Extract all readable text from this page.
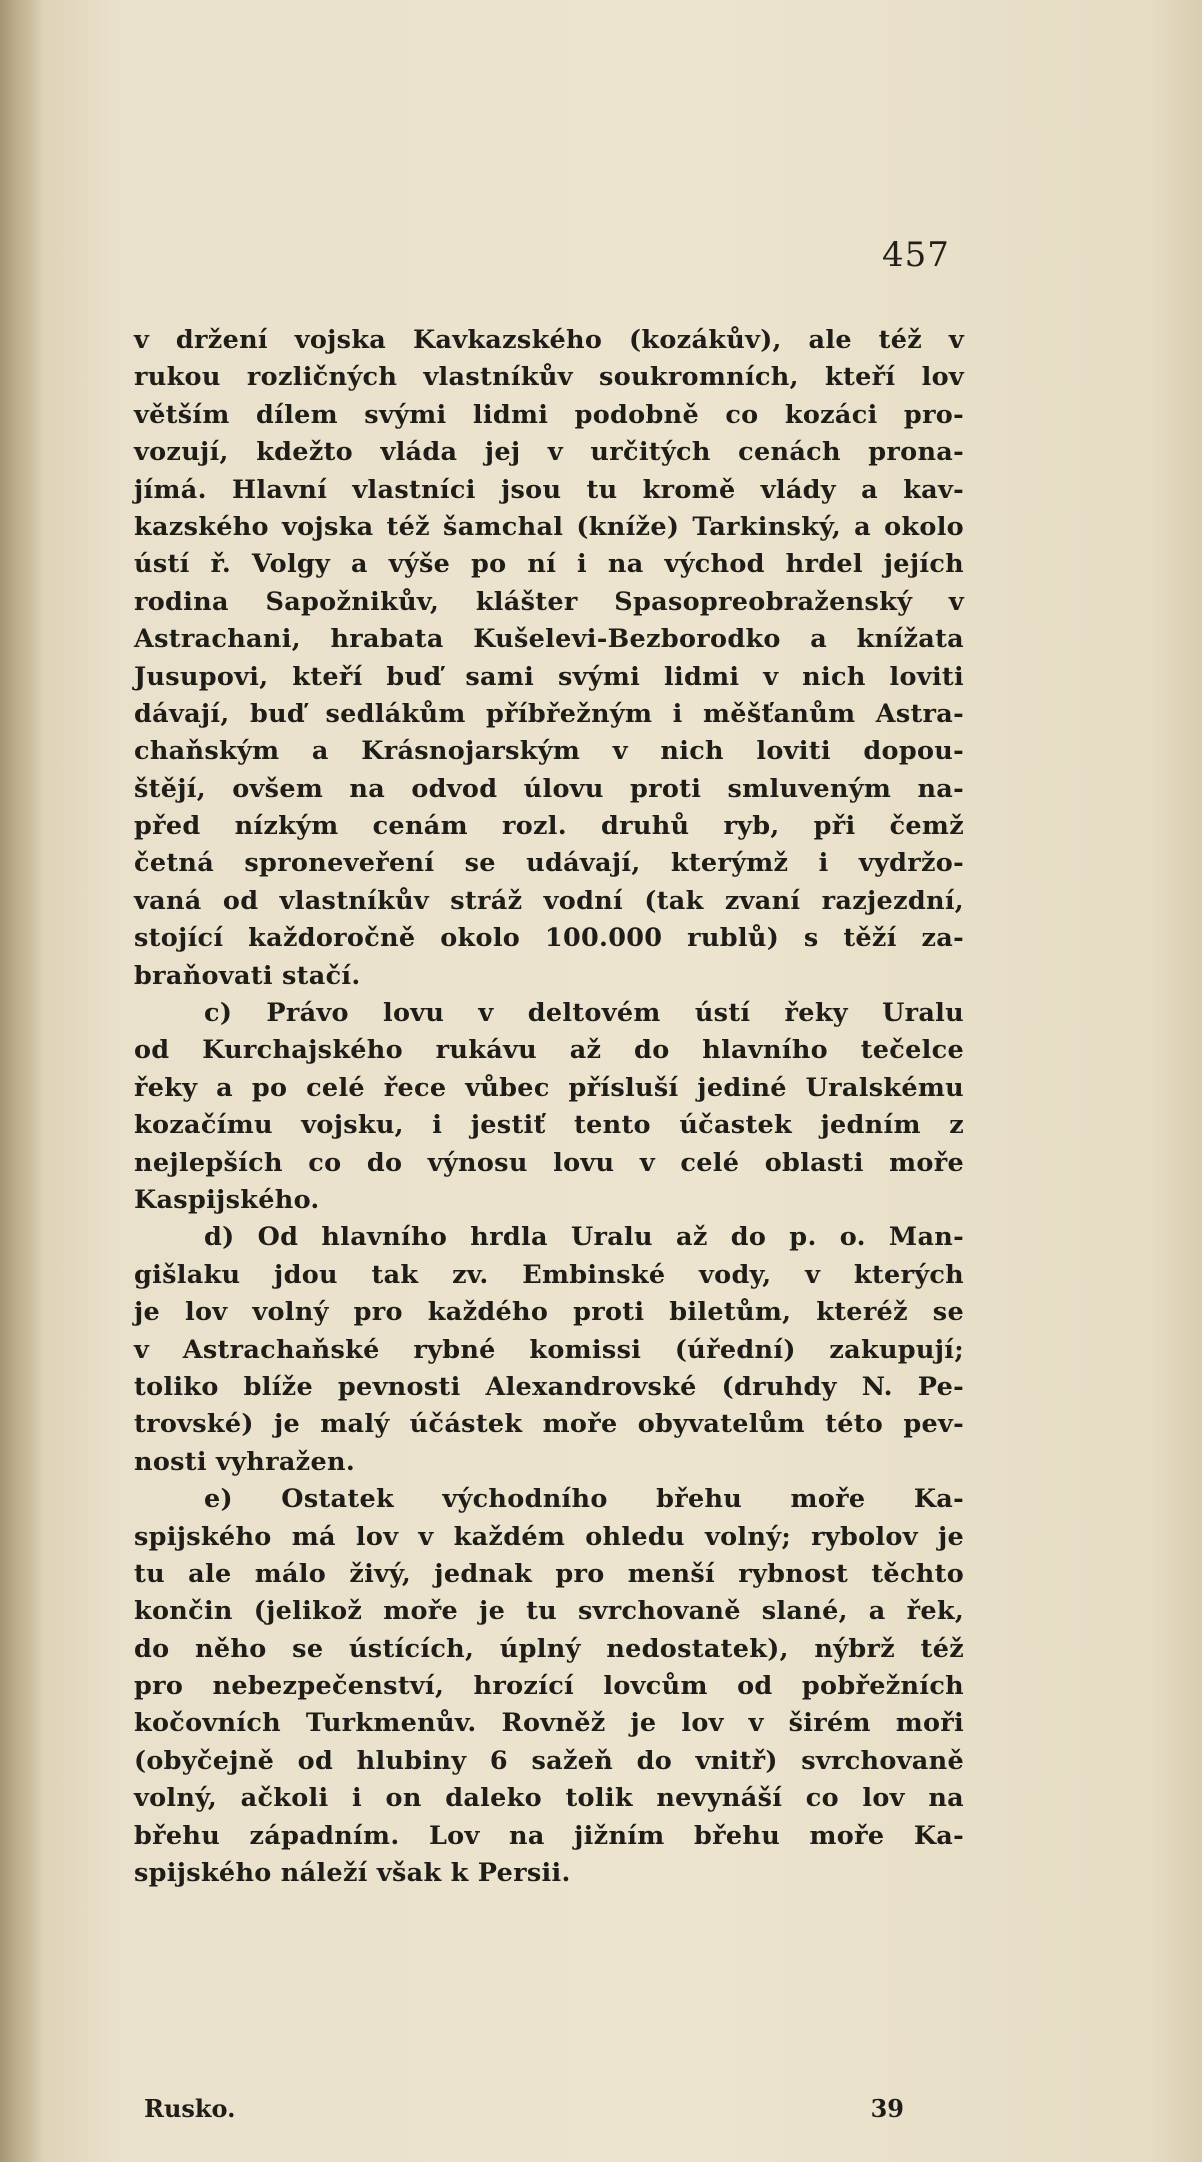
457
v držení vojska Kavkazského (kozákův), ale též v
rukou rozličných vlastníkův soukromních, kteří lov
větším dílem svými lidmi podobně co kozáci pro-
vozují, kdežto vláda jej v určitých cenách prona-
jímá. Hlavní vlastníci jsou tu kromě vlády a kav-
kazského vojska též šamchal (kníže) Tarkinský, a okolo
ústí ř. Volgy a výše po ní i na východ hrdel jejích
rodina Sapožnikův, klášter Spasopreobraženský v
Astrachani, hrabata Kušelevi-Bezborodko a knížata
Jusupovi, kteří buď sami svými lidmi v nich loviti
dávají, buď sedlákům příbřežným i měšťanům Astra-
chaňským a Krásnojarským v nich loviti dopou-
štějí, ovšem na odvod úlovu proti smluveným na-
před nízkým cenám rozl. druhů ryb, při čemž
četná sproneveření se udávají, kterýmž i vydržo-
vaná od vlastníkův stráž vodní (tak zvaní razjezdní,
stojící každoročně okolo 100.000 rublů) s těží za-
braňovati stačí.
c) Právo lovu v deltovém ústí řeky Uralu
od Kurchajského rukávu až do hlavního tečelce
řeky a po celé řece vůbec přísluší jediné Uralskému
kozačímu vojsku, i jestiť tento účastek jedním z
nejlepších co do výnosu lovu v celé oblasti moře
Kaspijského.
d) Od hlavního hrdla Uralu až do p. o. Man-
gišlaku jdou tak zv. Embinské vody, v kterých
je lov volný pro každého proti biletům, kteréž se
v Astrachaňské rybné komissi (úřední) zakupují;
toliko blíže pevnosti Alexandrovské (druhdy N. Pe-
trovské) je malý účástek moře obyvatelům této pev-
nosti vyhražen.
e) Ostatek východního břehu moře Ka-
spijského má lov v každém ohledu volný; rybolov je
tu ale málo živý, jednak pro menší rybnost těchto
končin (jelikož moře je tu svrchovaně slané, a řek,
do něho se ústících, úplný nedostatek), nýbrž též
pro nebezpečenství, hrozící lovcům od pobřežních
kočovních Turkmenův. Rovněž je lov v širém moři
(obyčejně od hlubiny 6 sažeň do vnitř) svrchovaně
volný, ačkoli i on daleko tolik nevynáší co lov na
břehu západním. Lov na jižním břehu moře Ka-
spijského náleží však k Persii.
Rusko.	39
